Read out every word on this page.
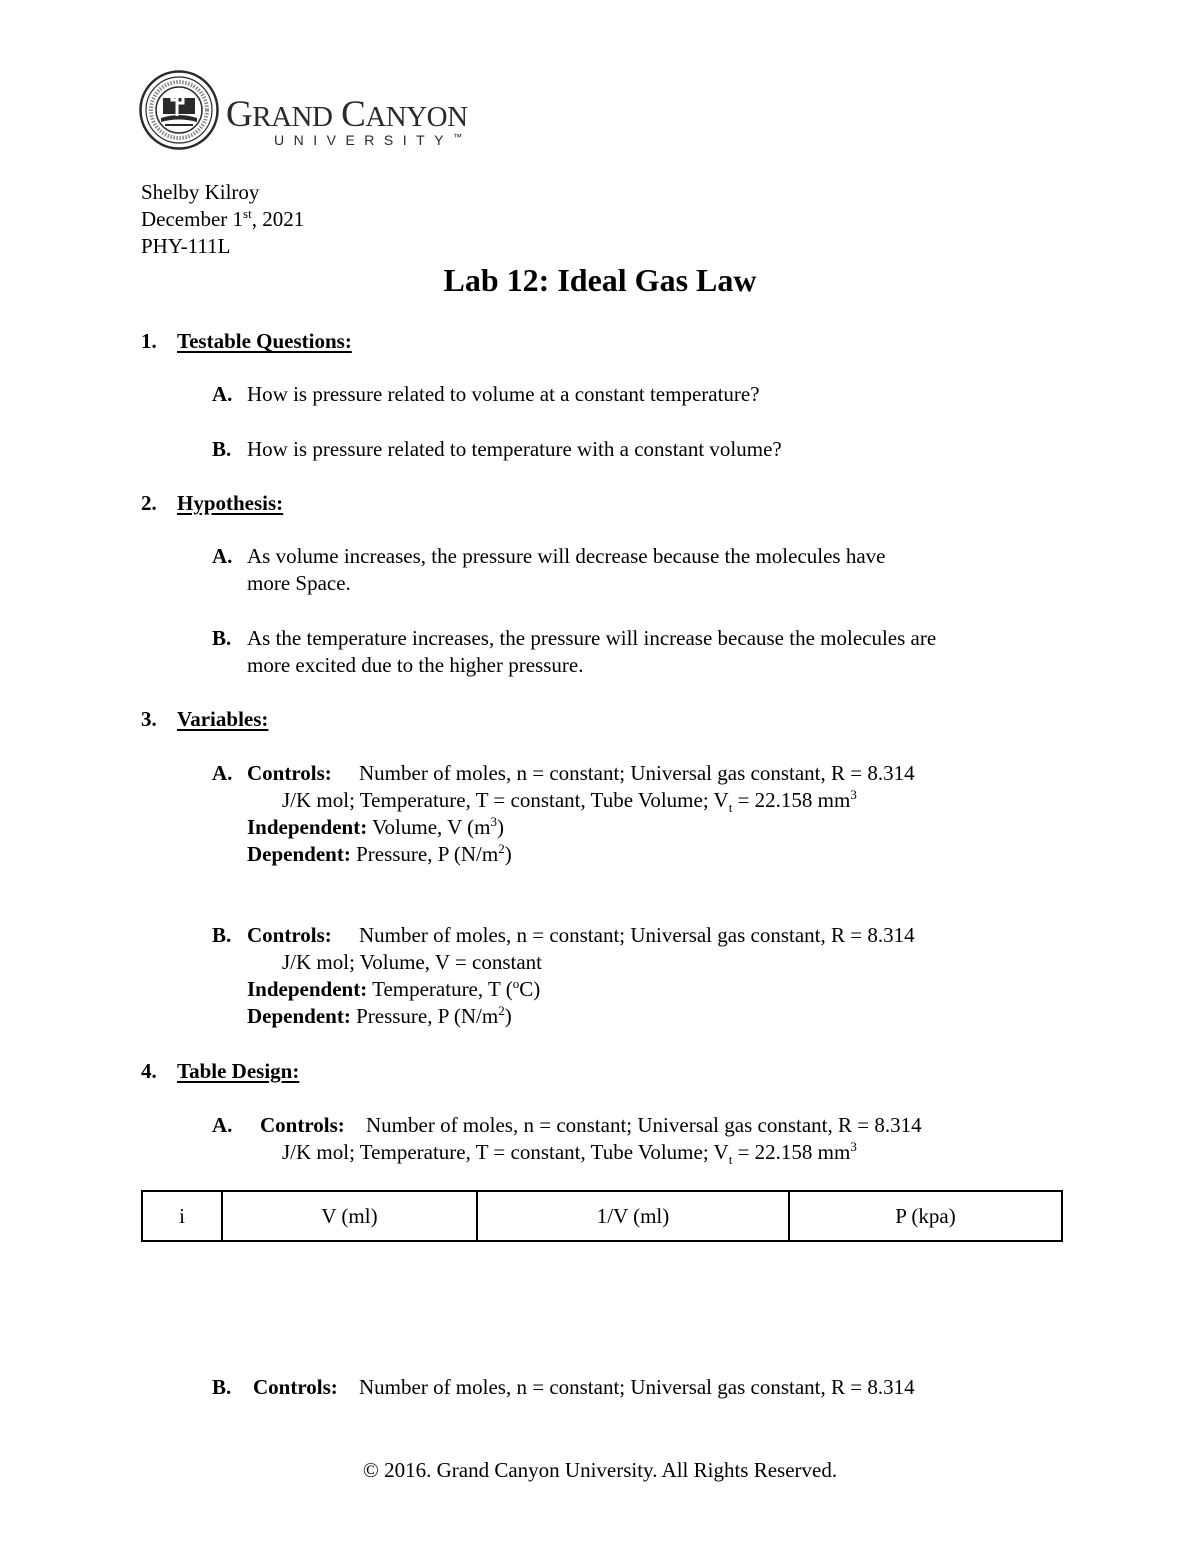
GRAND CANYON
UNIVERSITY™
Shelby Kilroy
December 1st, 2021
PHY-111L
Lab 12: Ideal Gas Law
1. Testable Questions:
A. How is pressure related to volume at a constant temperature?
B. How is pressure related to temperature with a constant volume?
2. Hypothesis:
A. As volume increases, the pressure will decrease because the molecules have
more Space.
B. As the temperature increases, the pressure will increase because the molecules are
more excited due to the higher pressure.
3. Variables:
A. Controls: Number of moles, n = constant; Universal gas constant, R = 8.314
J/K mol; Temperature, T = constant, Tube Volume; $V_t = 22.158$ $mm^3$
Independent: Volume, V $(m^3)$
Dependent: Pressure, P $(N/m^2)$
B. Controls: Number of moles, n = constant; Universal gas constant, R = 8.314
J/K mol; Volume, V = constant
Independent: Temperature, T ($^o$C)
Dependent: Pressure, P $(N/m^2)$
4. Table Design:
A. Controls: Number of moles, n = constant; Universal gas constant, R = 8.314
J/K mol; Temperature, T = constant, Tube Volume; $V_t = 22.158$ $mm^3$
i	V (ml)	1/V (ml)	P (kpa)
B. Controls: Number of moles, n = constant; Universal gas constant, R = 8.314
© 2016. Grand Canyon University. All Rights Reserved.
